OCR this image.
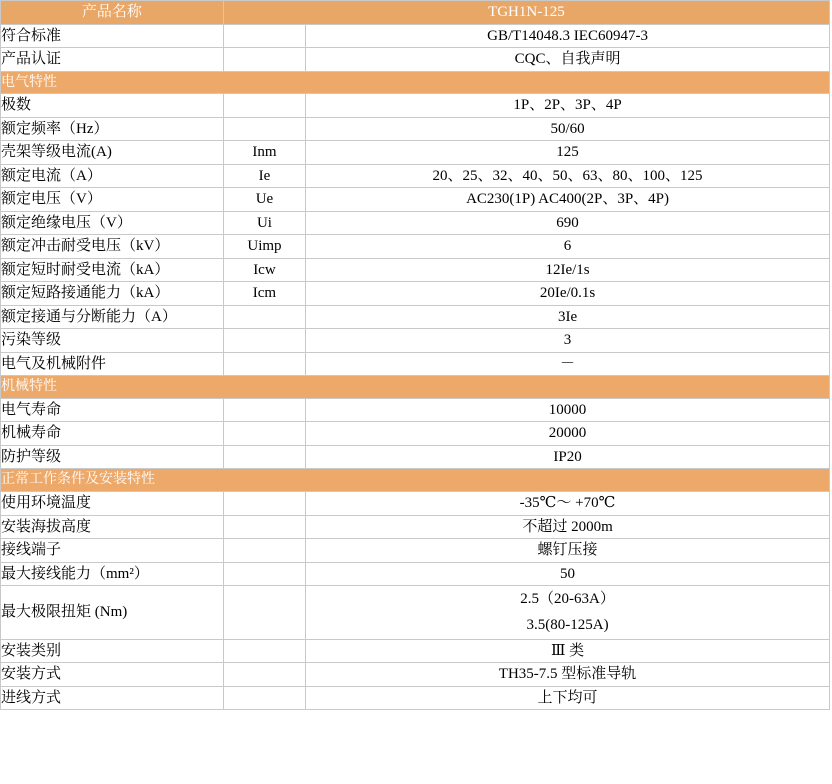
产品名称	TGH1N-125	
符合标准		GB/T14048.3 IEC60947-3
产品认证		CQC、自我声明
电气特性		
极数		1P、2P、3P、4P
额定频率（Hz）		50/60
壳架等级电流(A)	Inm	125
额定电流（A）	Ie	20、25、32、40、50、63、80、100、125
额定电压（V）	Ue	AC230(1P) AC400(2P、3P、4P)
额定绝缘电压（V）	Ui	690
额定冲击耐受电压（kV）	Uimp	6
额定短时耐受电流（kA）	Icw	12Ie/1s
额定短路接通能力（kA）	Icm	20Ie/0.1s
额定接通与分断能力（A）		3Ie
污染等级		3
电气及机械附件		－
机械特性		
电气寿命		10000
机械寿命		20000
防护等级		IP20
正常工作条件及安装特性		
使用环境温度		-35℃～ +70℃
安装海拔高度		不超过 2000m
接线端子		螺钉压接
最大接线能力（mm²）		50
最大极限扭矩 (Nm)		2.5（20-63A）
3.5(80-125A)

安装类别		Ⅲ 类
安装方式		TH35-7.5 型标准导轨
进线方式		上下均可
